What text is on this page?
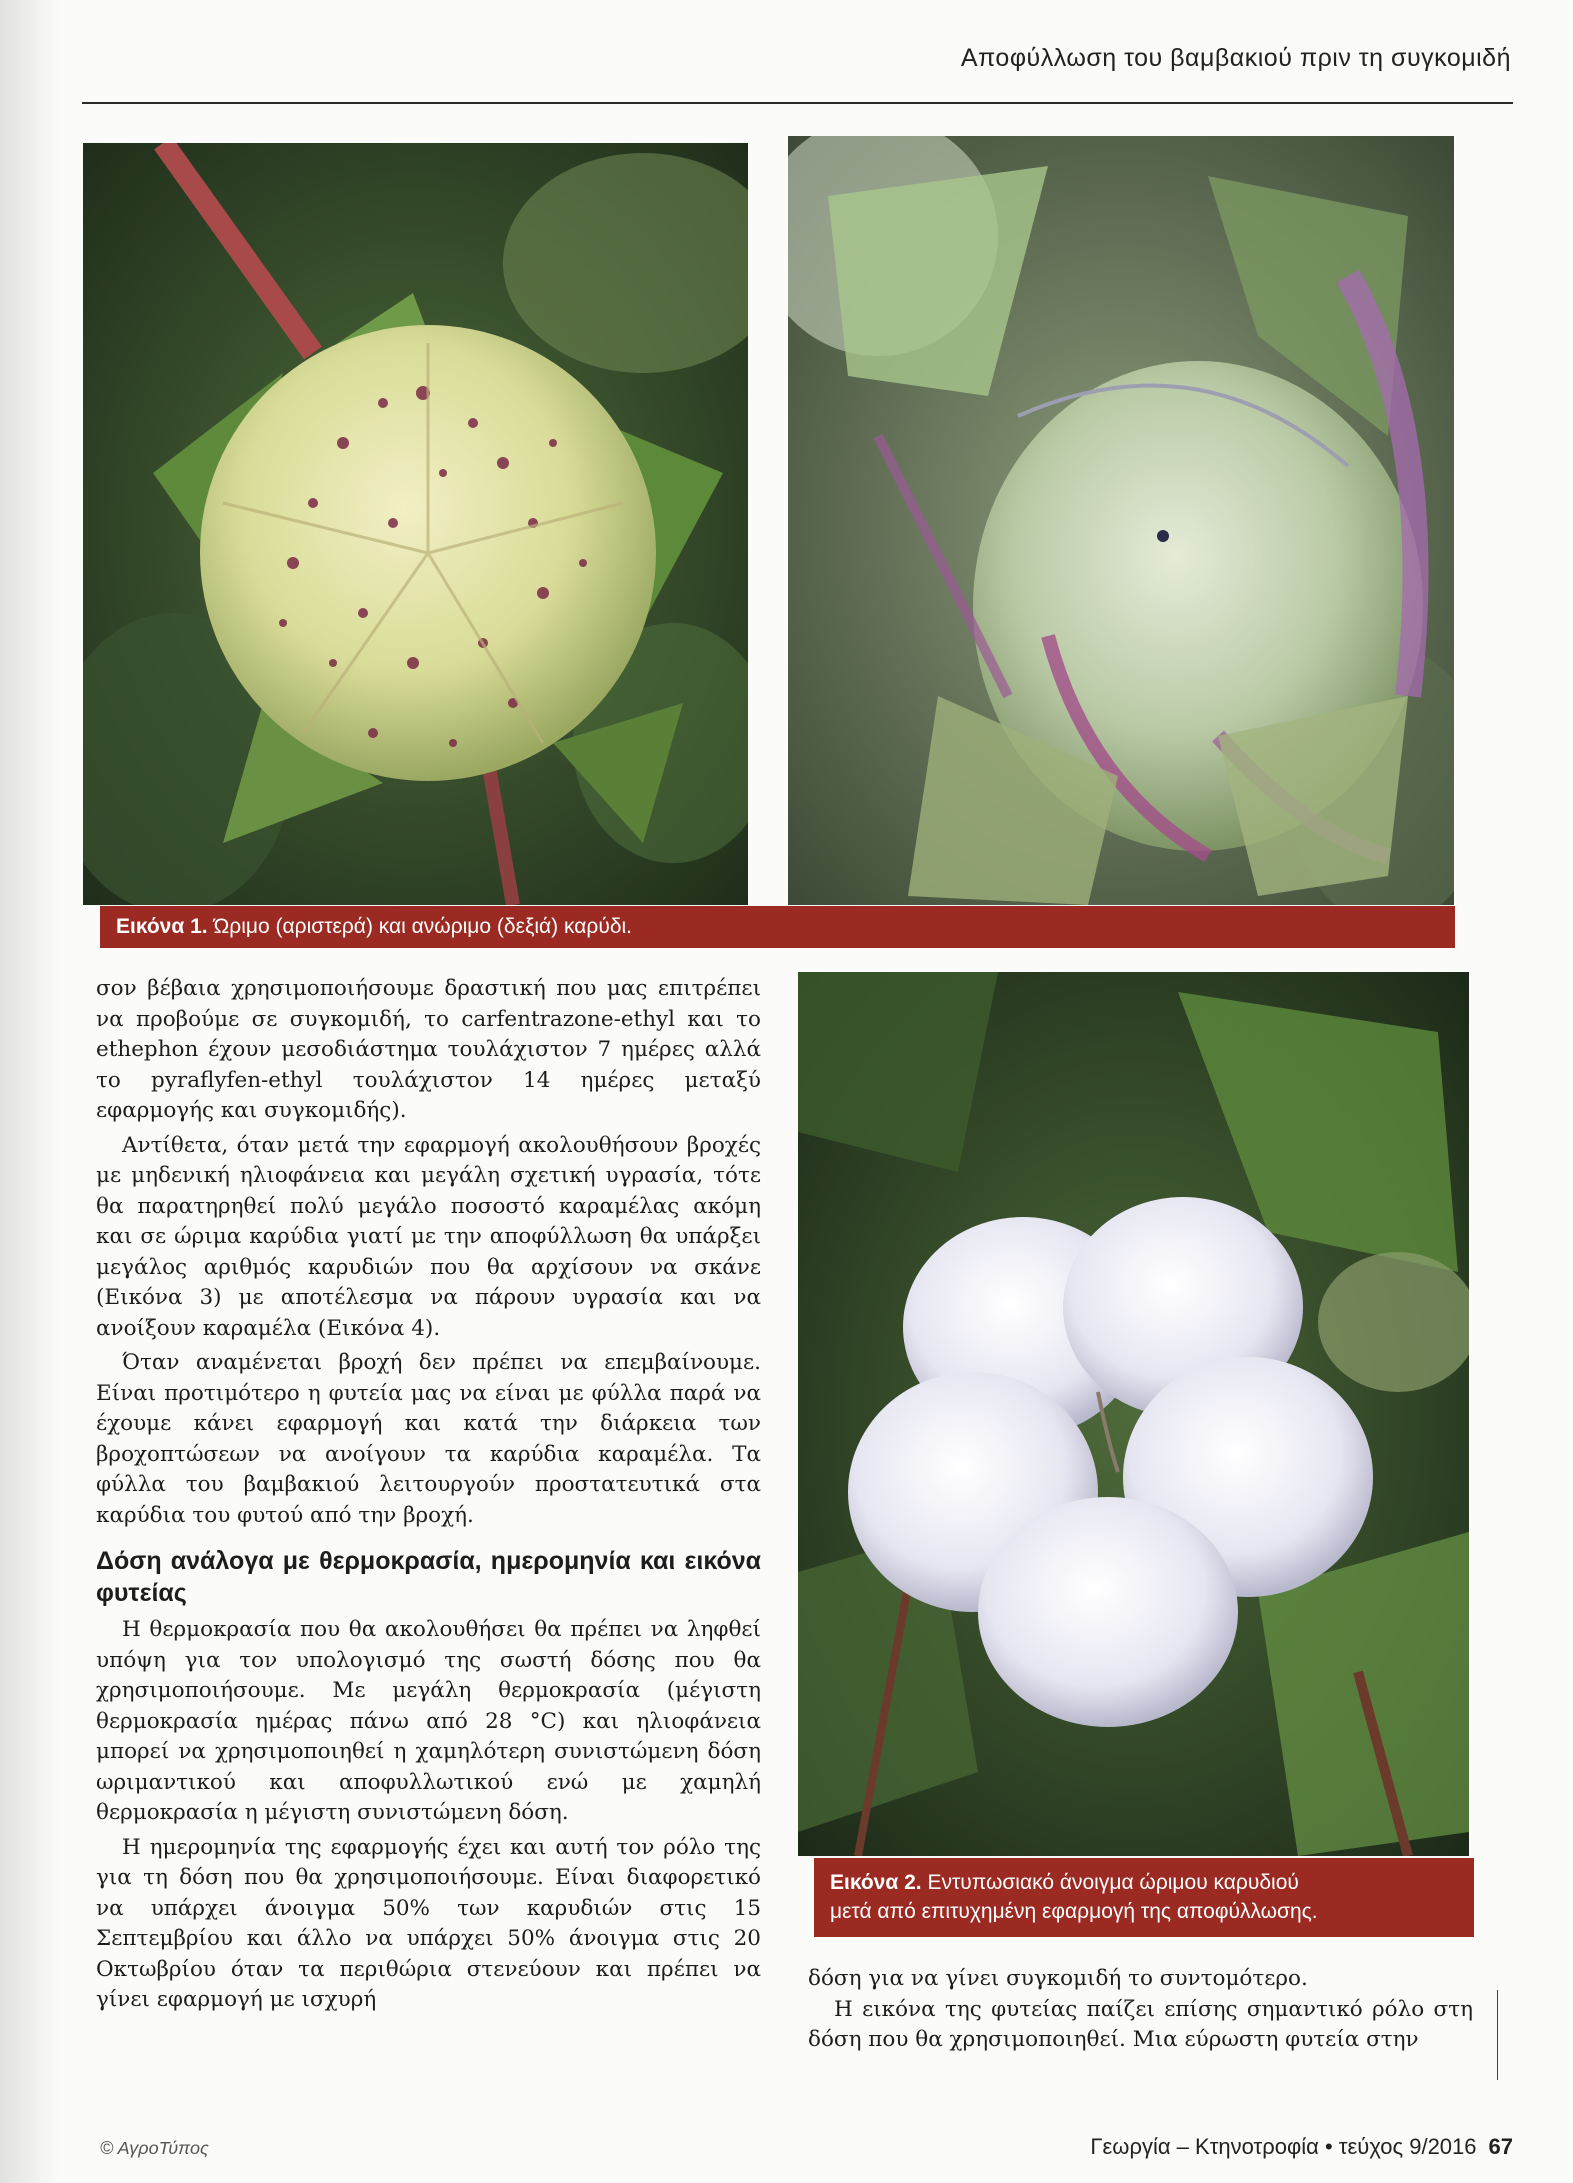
Αποφύλλωση του βαμβακιού πριν τη συγκομιδή
Εικόνα 1. Ώριμο (αριστερά) και ανώριμο (δεξιά) καρύδι.
Εικόνα 2. Εντυπωσιακό άνοιγμα ώριμου καρυδιού
μετά από επιτυχημένη εφαρμογή της αποφύλλωσης.

σον βέβαια χρησιμοποιήσουμε δραστική που μας επιτρέπει να προβούμε σε συγκομιδή, το carfentrazone-ethyl και το ethephon έχουν μεσοδιάστημα τουλάχιστον 7 ημέρες αλλά το pyraflyfen-ethyl τουλάχιστον 14 ημέρες μεταξύ εφαρμογής και συγκομιδής).

Αντίθετα, όταν μετά την εφαρμογή ακολουθήσουν βροχές με μηδενική ηλιοφάνεια και μεγάλη σχετική υγρασία, τότε θα παρατηρηθεί πολύ μεγάλο ποσοστό καραμέλας ακόμη και σε ώριμα καρύδια γιατί με την αποφύλλωση θα υπάρξει μεγάλος αριθμός καρυδιών που θα αρχίσουν να σκάνε (Εικόνα 3) με αποτέλεσμα να πάρουν υγρασία και να ανοίξουν καραμέλα (Εικόνα 4).

Όταν αναμένεται βροχή δεν πρέπει να επεμβαίνουμε. Είναι προτιμότερο η φυτεία μας να είναι με φύλλα παρά να έχουμε κάνει εφαρμογή και κατά την διάρκεια των βροχοπτώσεων να ανοίγουν τα καρύδια καραμέλα. Τα φύλλα του βαμβακιού λειτουργούν προστατευτικά στα καρύδια του φυτού από την βροχή.

Δόση ανάλογα με θερμοκρασία, ημερομηνία και εικόνα φυτείας

Η θερμοκρασία που θα ακολουθήσει θα πρέπει να ληφθεί υπόψη για τον υπολογισμό της σωστή δόσης που θα χρησιμοποιήσουμε. Με μεγάλη θερμοκρασία (μέγιστη θερμοκρασία ημέρας πάνω από 28 °C) και ηλιοφάνεια μπορεί να χρησιμοποιηθεί η χαμηλότερη συνιστώμενη δόση ωριμαντικού και αποφυλλωτικού ενώ με χαμηλή θερμοκρασία η μέγιστη συνιστώμενη δόση.

Η ημερομηνία της εφαρμογής έχει και αυτή τον ρόλο της για τη δόση που θα χρησιμοποιήσουμε. Είναι διαφορετικό να υπάρχει άνοιγμα 50% των καρυδιών στις 15 Σεπτεμβρίου και άλλο να υπάρχει 50% άνοιγμα στις 20 Οκτωβρίου όταν τα περιθώρια στενεύουν και πρέπει να γίνει εφαρμογή με ισχυρή

δόση για να γίνει συγκομιδή το συντομότερο.

Η εικόνα της φυτείας παίζει επίσης σημαντικό ρόλο στη δόση που θα χρησιμοποιηθεί. Μια εύρωστη φυτεία στην

© ΑγροΤύπος	Γεωργία – Κτηνοτροφία • τεύχος 9/2016 67
